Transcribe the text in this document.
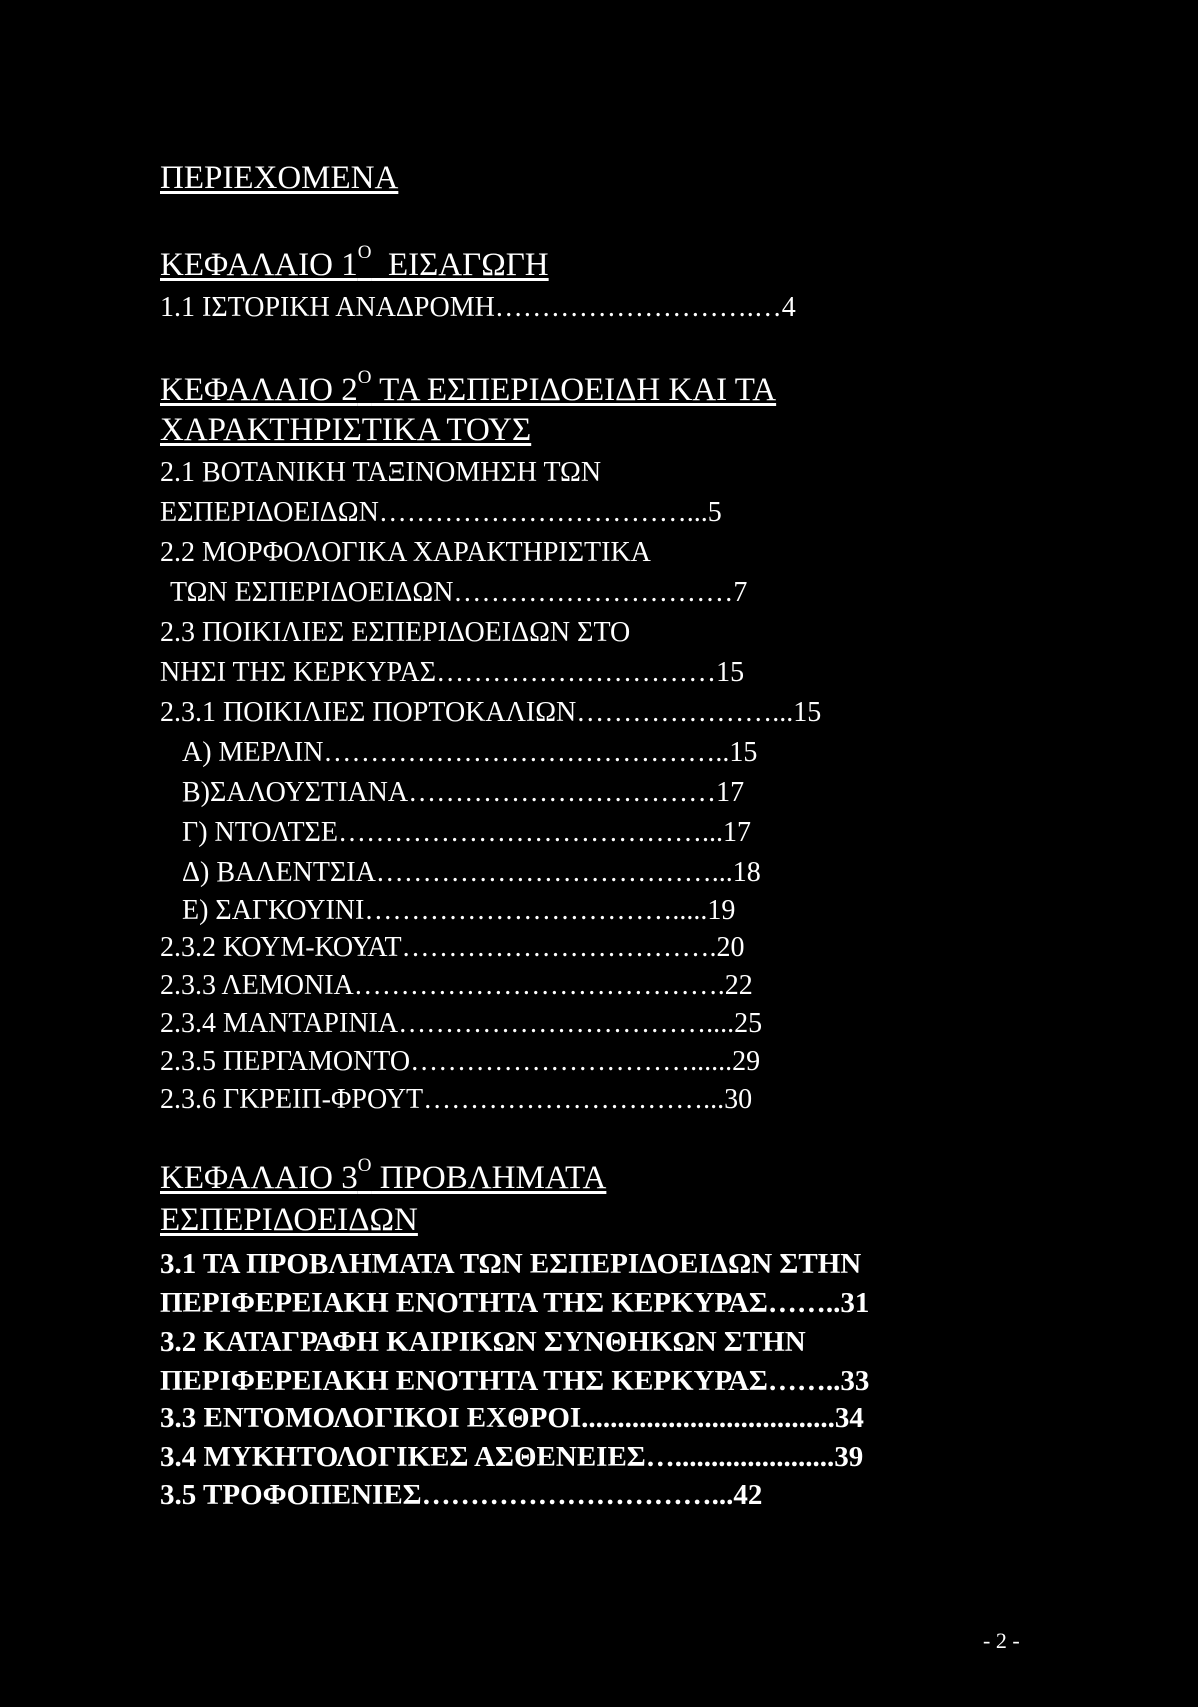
ΠΕΡΙΕΧΟΜΕΝΑ
ΚΕΦΑΛΑΙΟ $1^O$  ΕΙΣΑΓΩΓΗ
1.1 ΙΣΤΟΡΙΚΗ ΑΝΑΔΡΟΜΗ……………………….…4
ΚΕΦΑΛΑΙΟ $2^O$ ΤΑ ΕΣΠΕΡΙΔΟΕΙΔΗ ΚΑΙ ΤΑ
ΧΑΡΑΚΤΗΡΙΣΤΙΚΑ ΤΟΥΣ
2.1 ΒΟΤΑΝΙΚΗ ΤΑΞΙΝΟΜΗΣΗ ΤΩΝ
ΕΣΠΕΡΙΔΟΕΙΔΩΝ……………………………...5
2.2 ΜΟΡΦΟΛΟΓΙΚΑ ΧΑΡΑΚΤΗΡΙΣΤΙΚΑ
ΤΩΝ ΕΣΠΕΡΙΔΟΕΙΔΩΝ…………………………7
2.3 ΠΟΙΚΙΛΙΕΣ ΕΣΠΕΡΙΔΟΕΙΔΩΝ ΣΤΟ
ΝΗΣΙ ΤΗΣ ΚΕΡΚΥΡΑΣ…………………………15
2.3.1 ΠΟΙΚΙΛΙΕΣ ΠΟΡΤΟΚΑΛΙΩΝ…………………...15
Α) ΜΕΡΛΙΝ……………………………………..15
Β)ΣΑΛΟΥΣΤΙΑΝΑ……………………………17
Γ) ΝΤΟΛΤΣΕ…………………………………...17
Δ) ΒΑΛΕΝΤΣΙΑ………………………………...18
Ε) ΣΑΓΚΟΥΙΝΙ…………………………….....19
2.3.2 ΚΟΥΜ-ΚΟΥΑΤ…………………………….20
2.3.3 ΛΕΜΟΝΙΑ………………………………….22
2.3.4 ΜΑΝΤΑΡΙΝΙΑ……………………………....25
2.3.5 ΠΕΡΓΑΜΟΝΤΟ…………………………......29
2.3.6 ΓΚΡΕΙΠ-ΦΡΟΥΤ…………………………...30
ΚΕΦΑΛΑΙΟ $3^O$ ΠΡΟΒΛΗΜΑΤΑ
ΕΣΠΕΡΙΔΟΕΙΔΩΝ
3.1 ΤΑ ΠΡΟΒΛΗΜΑΤΑ ΤΩΝ ΕΣΠΕΡΙΔΟΕΙΔΩΝ ΣΤΗΝ
ΠΕΡΙΦΕΡΕΙΑΚΗ ΕΝΟΤΗΤΑ ΤΗΣ ΚΕΡΚΥΡΑΣ……..31
3.2 ΚΑΤΑΓΡΑΦΗ ΚΑΙΡΙΚΩΝ ΣΥΝΘΗΚΩΝ ΣΤΗΝ
ΠΕΡΙΦΕΡΕΙΑΚΗ ΕΝΟΤΗΤΑ ΤΗΣ ΚΕΡΚΥΡΑΣ……..33
3.3 ΕΝΤΟΜΟΛΟΓΙΚΟΙ ΕΧΘΡΟΙ...................................34
3.4 ΜΥΚΗΤΟΛΟΓΙΚΕΣ ΑΣΘΕΝΕΙΕΣ…......................39
3.5 ΤΡΟΦΟΠΕΝΙΕΣ…………………………...42
- 2 -
